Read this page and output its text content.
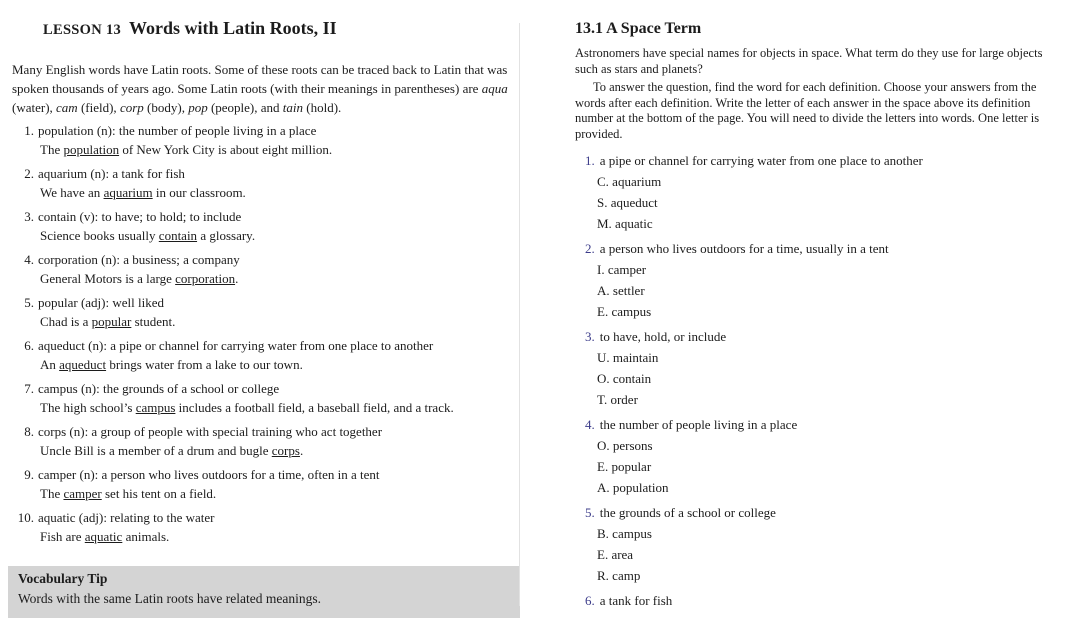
LESSON 13 Words with Latin Roots, II

Many English words have Latin roots. Some of these roots can be traced back to Latin that was spoken thousands of years ago. Some Latin roots (with their meanings in parentheses) are aqua (water), cam (field), corp (body), pop (people), and tain (hold).

1. population (n): the number of people living in a place
The population of New York City is about eight million.
2. aquarium (n): a tank for fish
We have an aquarium in our classroom.
3. contain (v): to have; to hold; to include
Science books usually contain a glossary.
4. corporation (n): a business; a company
General Motors is a large corporation.
5. popular (adj): well liked
Chad is a popular student.
6. aqueduct (n): a pipe or channel for carrying water from one place to another
An aqueduct brings water from a lake to our town.
7. campus (n): the grounds of a school or college
The high school’s campus includes a football field, a baseball field, and a track.
8. corps (n): a group of people with special training who act together
Uncle Bill is a member of a drum and bugle corps.
9. camper (n): a person who lives outdoors for a time, often in a tent
The camper set his tent on a field.
10. aquatic (adj): relating to the water
Fish are aquatic animals.
Vocabulary Tip
Words with the same Latin roots have related meanings.
13.1 A Space Term

Astronomers have special names for objects in space. What term do they use for large objects such as stars and planets?

To answer the question, find the word for each definition. Choose your answers from the words after each definition. Write the letter of each answer in the space above its definition number at the bottom of the page. You will need to divide the letters into words. One letter is provided.

1. a pipe or channel for carrying water from one place to another
C. aquarium
S. aqueduct
M. aquatic
2. a person who lives outdoors for a time, usually in a tent
I. camper
A. settler
E. campus
3. to have, hold, or include
U. maintain
O. contain
T. order
4. the number of people living in a place
O. persons
E. popular
A. population
5. the grounds of a school or college
B. campus
E. area
R. camp
6. a tank for fish
